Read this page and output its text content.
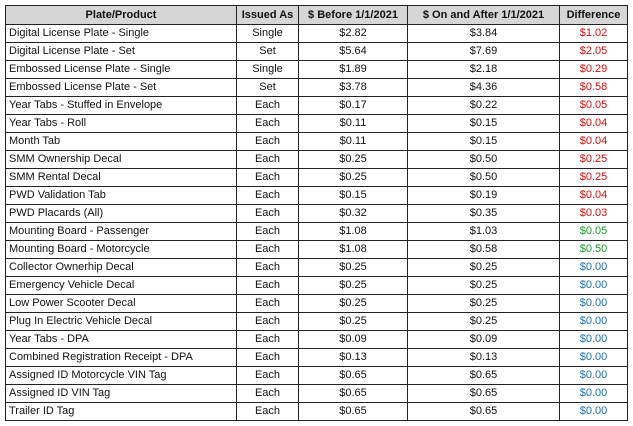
Plate/Product	Issued As	$ Before 1/1/2021	$ On and After 1/1/2021	Difference
Digital License Plate - Single	Single	$2.82	$3.84	$1.02
Digital License Plate - Set	Set	$5.64	$7.69	$2.05
Embossed License Plate - Single	Single	$1.89	$2.18	$0.29
Embossed License Plate - Set	Set	$3.78	$4.36	$0.58
Year Tabs - Stuffed in Envelope	Each	$0.17	$0.22	$0.05
Year Tabs - Roll	Each	$0.11	$0.15	$0.04
Month Tab	Each	$0.11	$0.15	$0.04
SMM Ownership Decal	Each	$0.25	$0.50	$0.25
SMM Rental Decal	Each	$0.25	$0.50	$0.25
PWD Validation Tab	Each	$0.15	$0.19	$0.04
PWD Placards (All)	Each	$0.32	$0.35	$0.03
Mounting Board - Passenger	Each	$1.08	$1.03	$0.05
Mounting Board - Motorcycle	Each	$1.08	$0.58	$0.50
Collector Ownerhip Decal	Each	$0.25	$0.25	$0.00
Emergency Vehicle Decal	Each	$0.25	$0.25	$0.00
Low Power Scooter Decal	Each	$0.25	$0.25	$0.00
Plug In Electric Vehicle Decal	Each	$0.25	$0.25	$0.00
Year Tabs - DPA	Each	$0.09	$0.09	$0.00
Combined Registration Receipt - DPA	Each	$0.13	$0.13	$0.00
Assigned ID Motorcycle VIN Tag	Each	$0.65	$0.65	$0.00
Assigned ID VIN Tag	Each	$0.65	$0.65	$0.00
Trailer ID Tag	Each	$0.65	$0.65	$0.00
